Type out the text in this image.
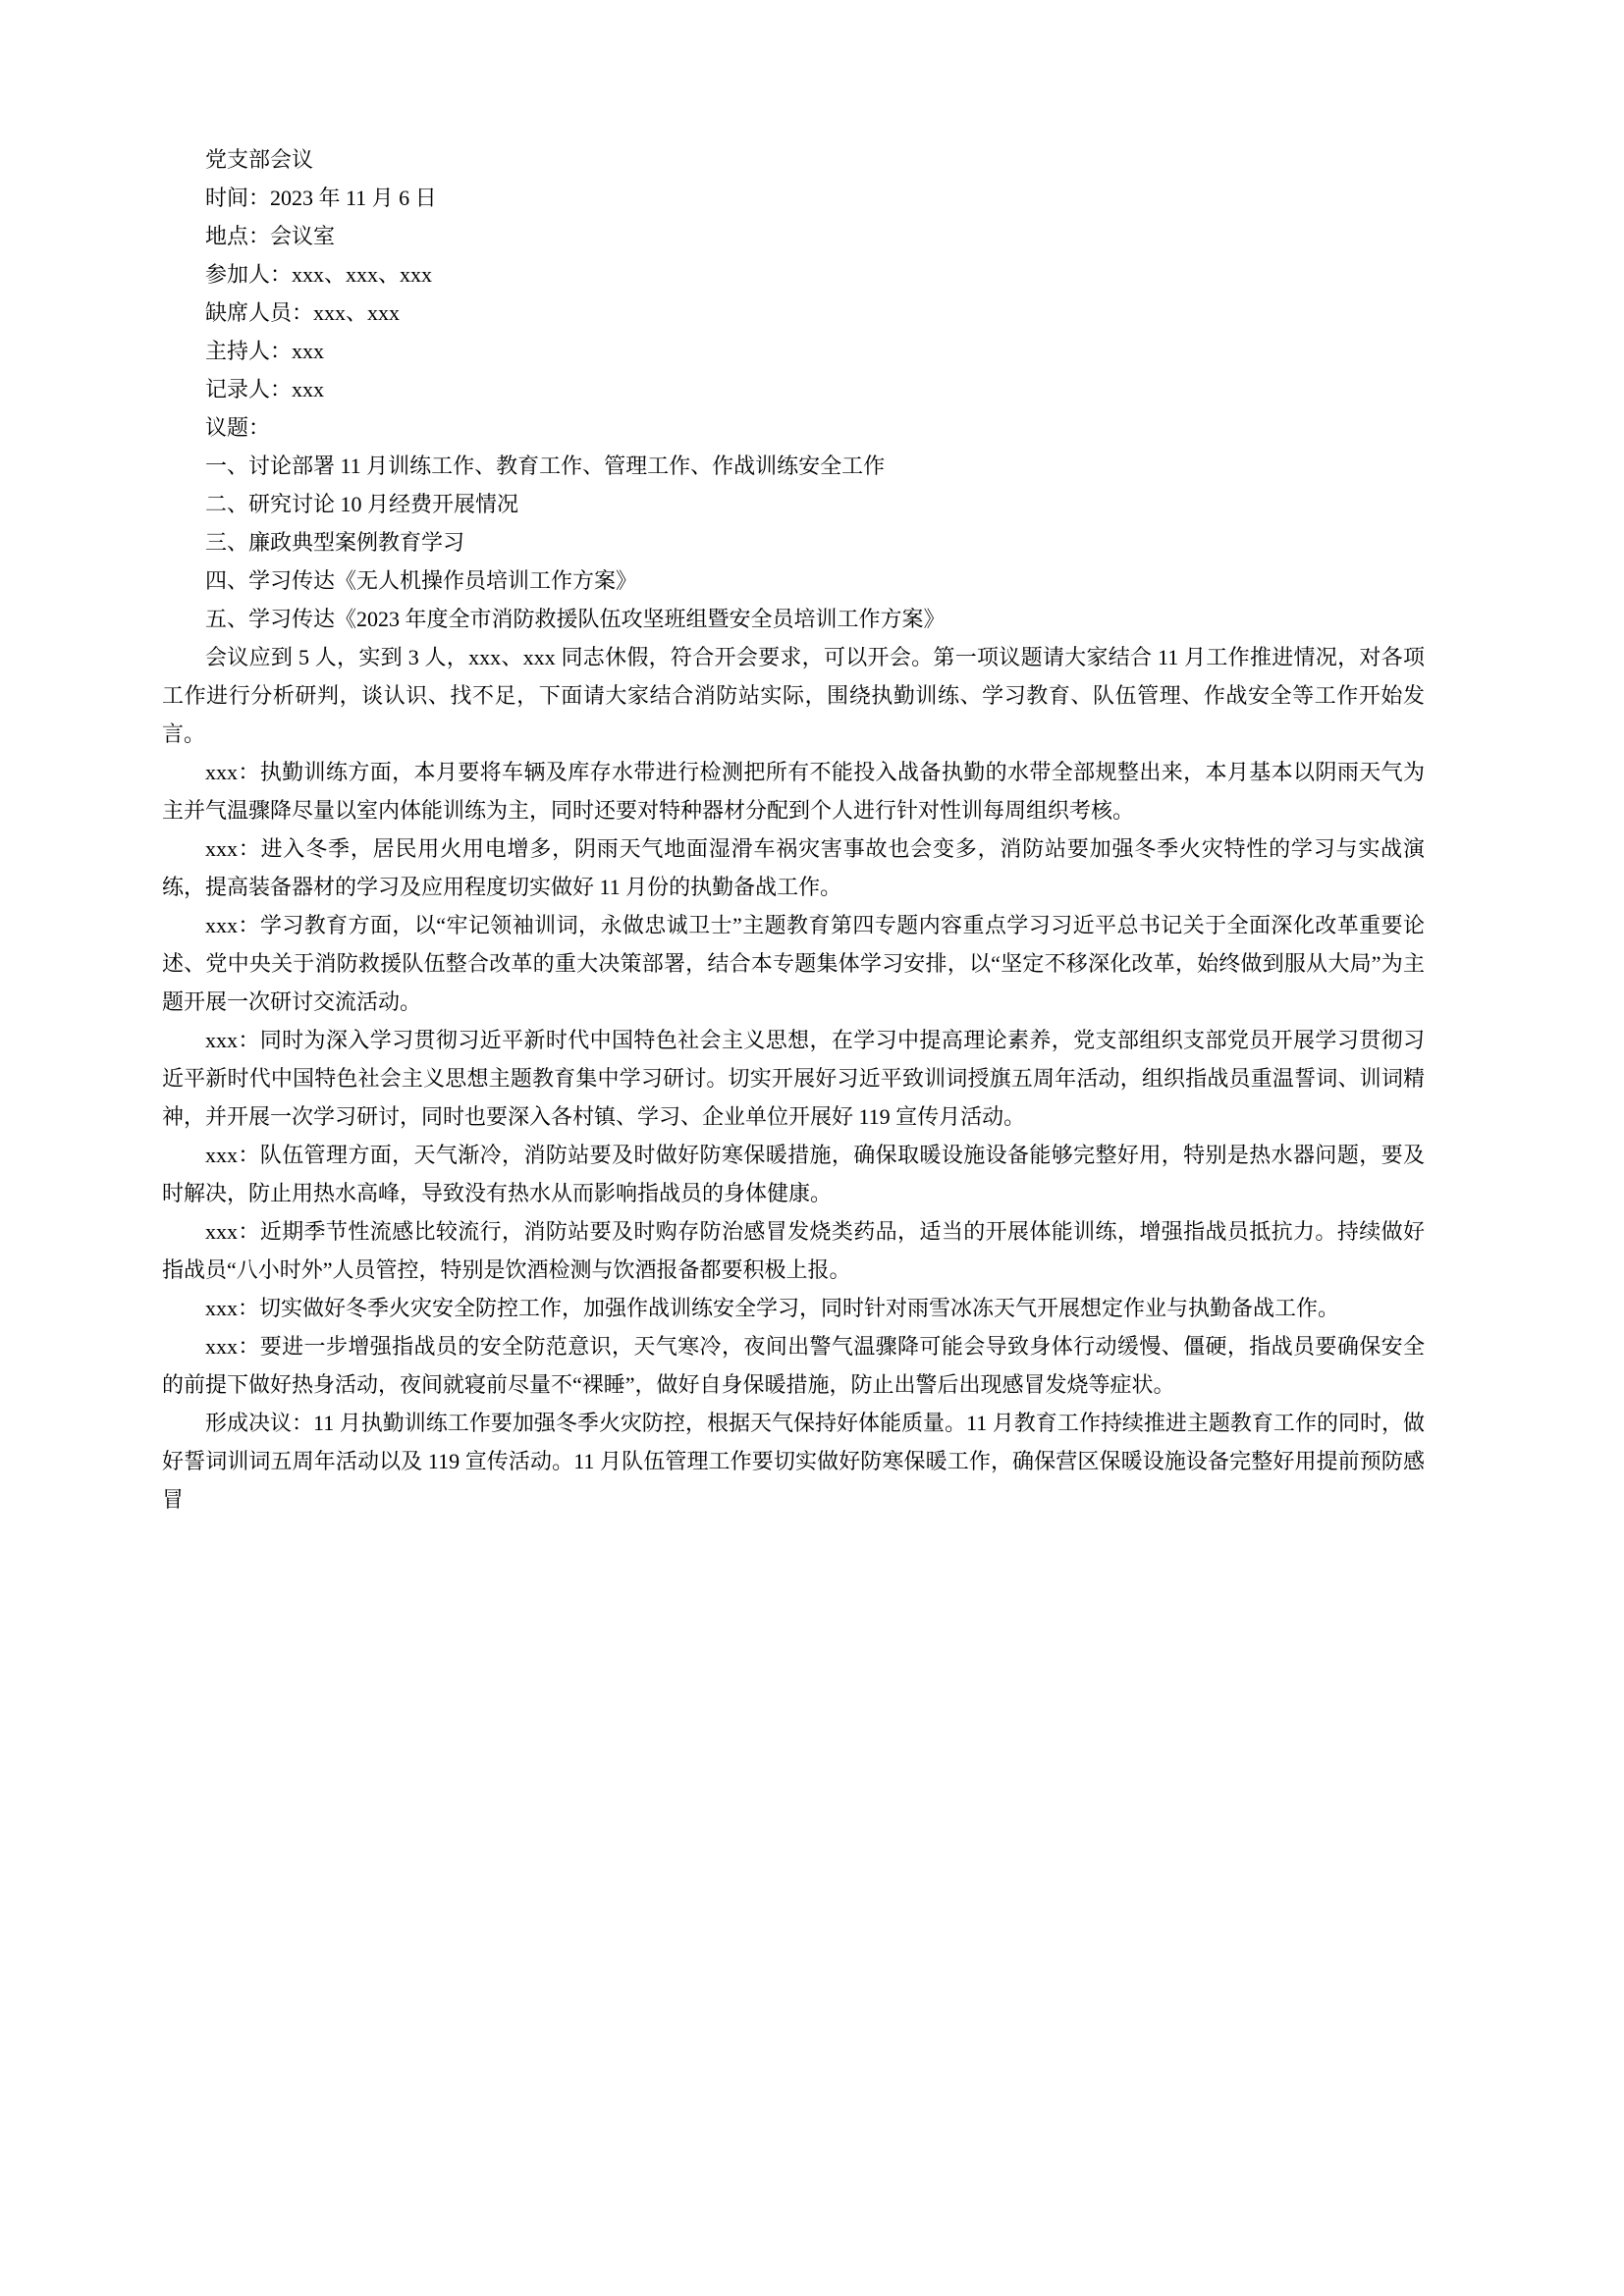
党支部会议

时间：2023 年 11 月 6 日

地点：会议室

参加人：xxx、xxx、xxx

缺席人员：xxx、xxx

主持人：xxx

记录人：xxx

议题：

一、讨论部署 11 月训练工作、教育工作、管理工作、作战训练安全工作

二、研究讨论 10 月经费开展情况

三、廉政典型案例教育学习

四、学习传达《无人机操作员培训工作方案》

五、学习传达《2023 年度全市消防救援队伍攻坚班组暨安全员培训工作方案》

会议应到 5 人，实到 3 人，xxx、xxx 同志休假，符合开会要求，可以开会。第一项议题请大家结合 11 月工作推进情况，对各项工作进行分析研判，谈认识、找不足，下面请大家结合消防站实际，围绕执勤训练、学习教育、队伍管理、作战安全等工作开始发言。

xxx：执勤训练方面，本月要将车辆及库存水带进行检测把所有不能投入战备执勤的水带全部规整出来，本月基本以阴雨天气为主并气温骤降尽量以室内体能训练为主，同时还要对特种器材分配到个人进行针对性训每周组织考核。

xxx：进入冬季，居民用火用电增多，阴雨天气地面湿滑车祸灾害事故也会变多，消防站要加强冬季火灾特性的学习与实战演练，提高装备器材的学习及应用程度切实做好 11 月份的执勤备战工作。

xxx：学习教育方面，以“牢记领袖训词，永做忠诚卫士”主题教育第四专题内容重点学习习近平总书记关于全面深化改革重要论述、党中央关于消防救援队伍整合改革的重大决策部署，结合本专题集体学习安排，以“坚定不移深化改革，始终做到服从大局”为主题开展一次研讨交流活动。

xxx：同时为深入学习贯彻习近平新时代中国特色社会主义思想，在学习中提高理论素养，党支部组织支部党员开展学习贯彻习近平新时代中国特色社会主义思想主题教育集中学习研讨。切实开展好习近平致训词授旗五周年活动，组织指战员重温誓词、训词精神，并开展一次学习研讨，同时也要深入各村镇、学习、企业单位开展好 119 宣传月活动。

xxx：队伍管理方面，天气渐冷，消防站要及时做好防寒保暖措施，确保取暖设施设备能够完整好用，特别是热水器问题，要及时解决，防止用热水高峰，导致没有热水从而影响指战员的身体健康。

xxx：近期季节性流感比较流行，消防站要及时购存防治感冒发烧类药品，适当的开展体能训练，增强指战员抵抗力。持续做好指战员“八小时外”人员管控，特别是饮酒检测与饮酒报备都要积极上报。

xxx：切实做好冬季火灾安全防控工作，加强作战训练安全学习，同时针对雨雪冰冻天气开展想定作业与执勤备战工作。

xxx：要进一步增强指战员的安全防范意识，天气寒冷，夜间出警气温骤降可能会导致身体行动缓慢、僵硬，指战员要确保安全的前提下做好热身活动，夜间就寝前尽量不“裸睡”，做好自身保暖措施，防止出警后出现感冒发烧等症状。

形成决议：11 月执勤训练工作要加强冬季火灾防控，根据天气保持好体能质量。11 月教育工作持续推进主题教育工作的同时，做好誓词训词五周年活动以及 119 宣传活动。11 月队伍管理工作要切实做好防寒保暖工作，确保营区保暖设施设备完整好用提前预防感冒
